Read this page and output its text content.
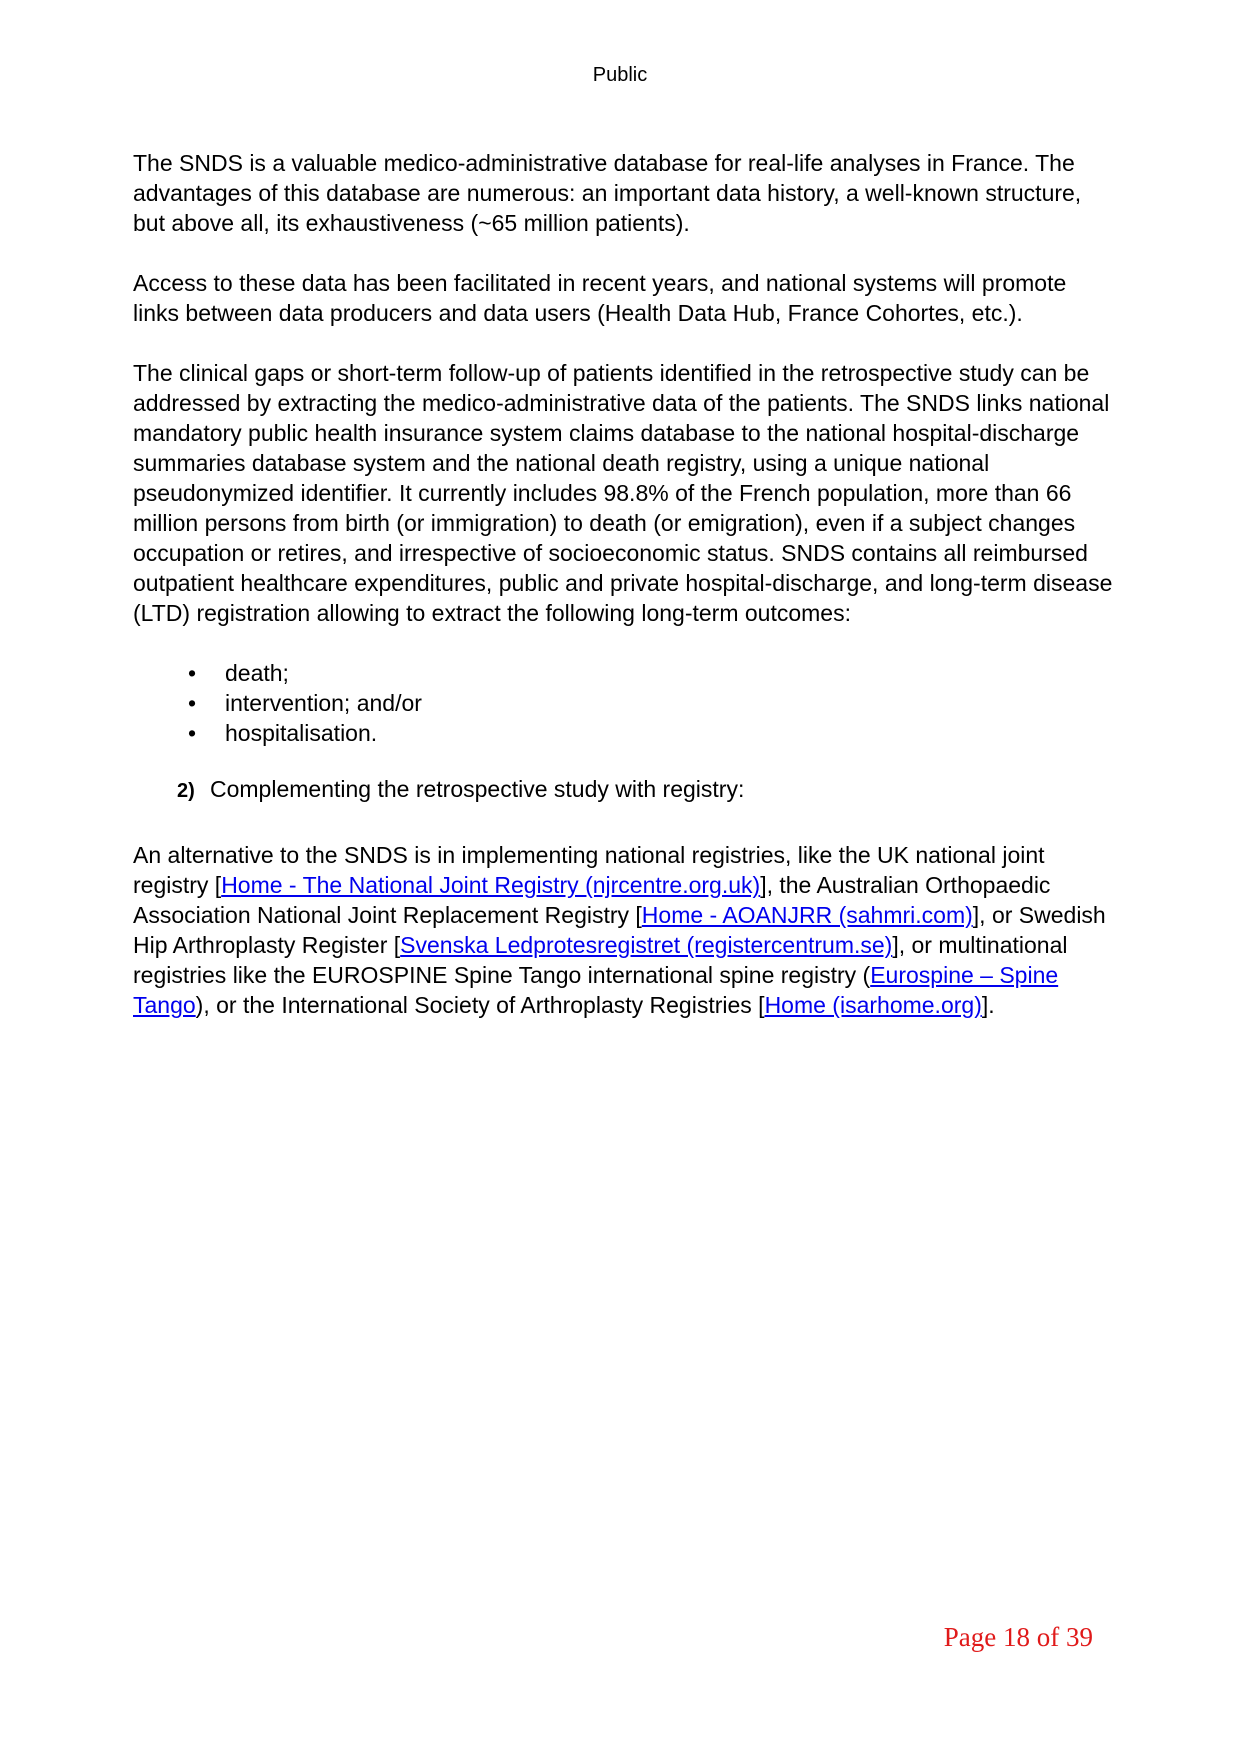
Public

The SNDS is a valuable medico-administrative database for real-life analyses in France. The advantages of this database are numerous: an important data history, a well-known structure, but above all, its exhaustiveness (~65 million patients).

Access to these data has been facilitated in recent years, and national systems will promote links between data producers and data users (Health Data Hub, France Cohortes, etc.).

The clinical gaps or short-term follow-up of patients identified in the retrospective study can be addressed by extracting the medico-administrative data of the patients. The SNDS links national mandatory public health insurance system claims database to the national hospital-discharge summaries database system and the national death registry, using a unique national pseudonymized identifier. It currently includes 98.8% of the French population, more than 66 million persons from birth (or immigration) to death (or emigration), even if a subject changes occupation or retires, and irrespective of socioeconomic status. SNDS contains all reimbursed outpatient healthcare expenditures, public and private hospital-discharge, and long-term disease (LTD) registration allowing to extract the following long-term outcomes:

•	death;
•	intervention; and/or
•	hospitalisation.
2) Complementing the retrospective study with registry:

An alternative to the SNDS is in implementing national registries, like the UK national joint registry [Home - The National Joint Registry (njrcentre.org.uk)], the Australian Orthopaedic Association National Joint Replacement Registry [Home - AOANJRR (sahmri.com)], or Swedish Hip Arthroplasty Register [Svenska Ledprotesregistret (registercentrum.se)], or multinational registries like the EUROSPINE Spine Tango international spine registry (Eurospine – Spine Tango), or the International Society of Arthroplasty Registries [Home (isarhome.org)].

Page 18 of 39
